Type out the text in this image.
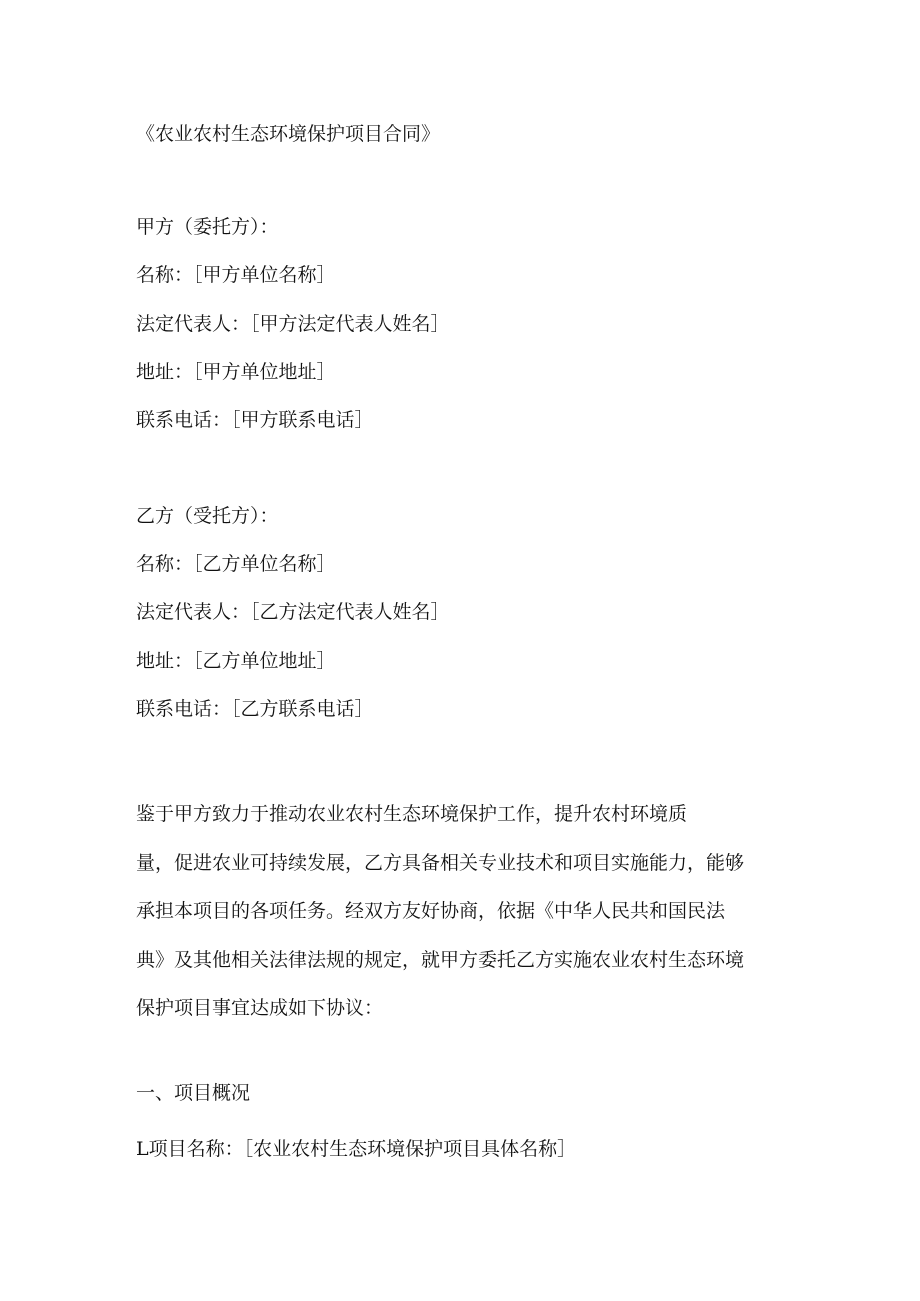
《农业农村生态环境保护项目合同》
甲方（委托方）：
名称：［甲方单位名称］
法定代表人：［甲方法定代表人姓名］
地址：［甲方单位地址］
联系电话：［甲方联系电话］
乙方（受托方）：
名称：［乙方单位名称］
法定代表人：［乙方法定代表人姓名］
地址：［乙方单位地址］
联系电话：［乙方联系电话］
鉴于甲方致力于推动农业农村生态环境保护工作，提升农村环境质
量，促进农业可持续发展，乙方具备相关专业技术和项目实施能力，能够
承担本项目的各项任务。经双方友好协商，依据《中华人民共和国民法
典》及其他相关法律法规的规定，就甲方委托乙方实施农业农村生态环境
保护项目事宜达成如下协议：
一、项目概况
L项目名称：［农业农村生态环境保护项目具体名称］
